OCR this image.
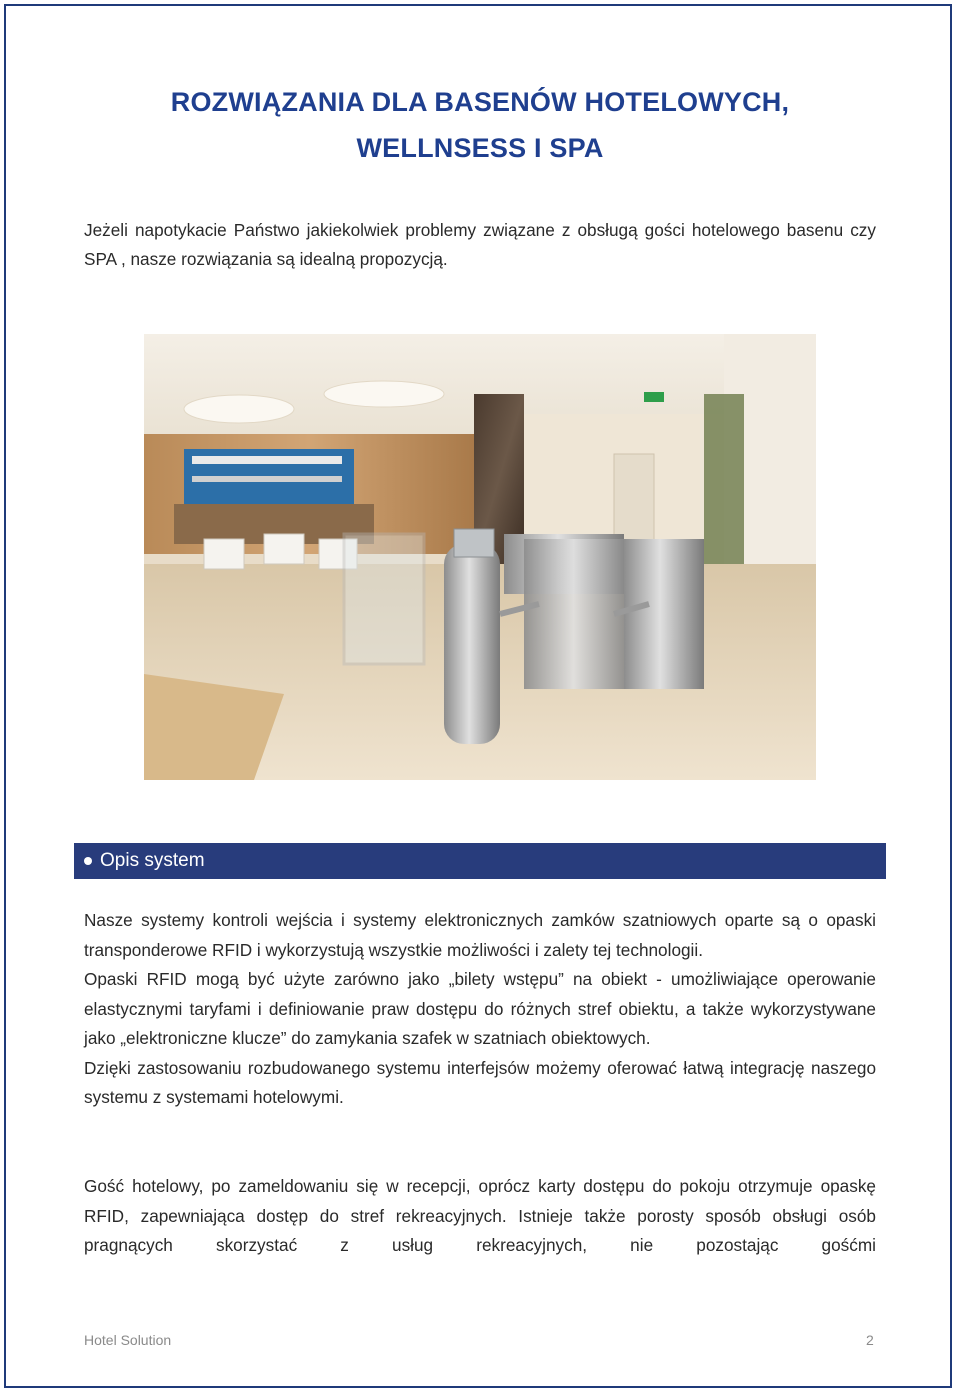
ROZWIĄZANIA DLA BASENÓW HOTELOWYCH,
WELLNSESS I SPA
Jeżeli napotykacie Państwo jakiekolwiek problemy związane z obsługą gości hotelowego basenu czy SPA , nasze rozwiązania są idealną propozycją.
Opis system

Nasze systemy kontroli wejścia i systemy elektronicznych zamków szatniowych oparte są o opaski transponderowe RFID i wykorzystują wszystkie możliwości i zalety tej technologii.

Opaski RFID mogą być użyte zarówno jako „bilety wstępu” na obiekt - umożliwiające operowanie elastycznymi taryfami i definiowanie praw dostępu do różnych stref obiektu, a także wykorzystywane jako „elektroniczne klucze” do zamykania szafek w szatniach obiektowych.

Dzięki zastosowaniu rozbudowanego systemu interfejsów możemy oferować łatwą integrację naszego systemu z systemami hotelowymi.

Gość hotelowy, po zameldowaniu się w recepcji, oprócz karty dostępu do pokoju otrzymuje opaskę RFID, zapewniająca dostęp do stref rekreacyjnych. Istnieje także porosty sposób obsługi osób pragnących skorzystać z usług rekreacyjnych, nie pozostając gośćmi

Hotel Solution	2
